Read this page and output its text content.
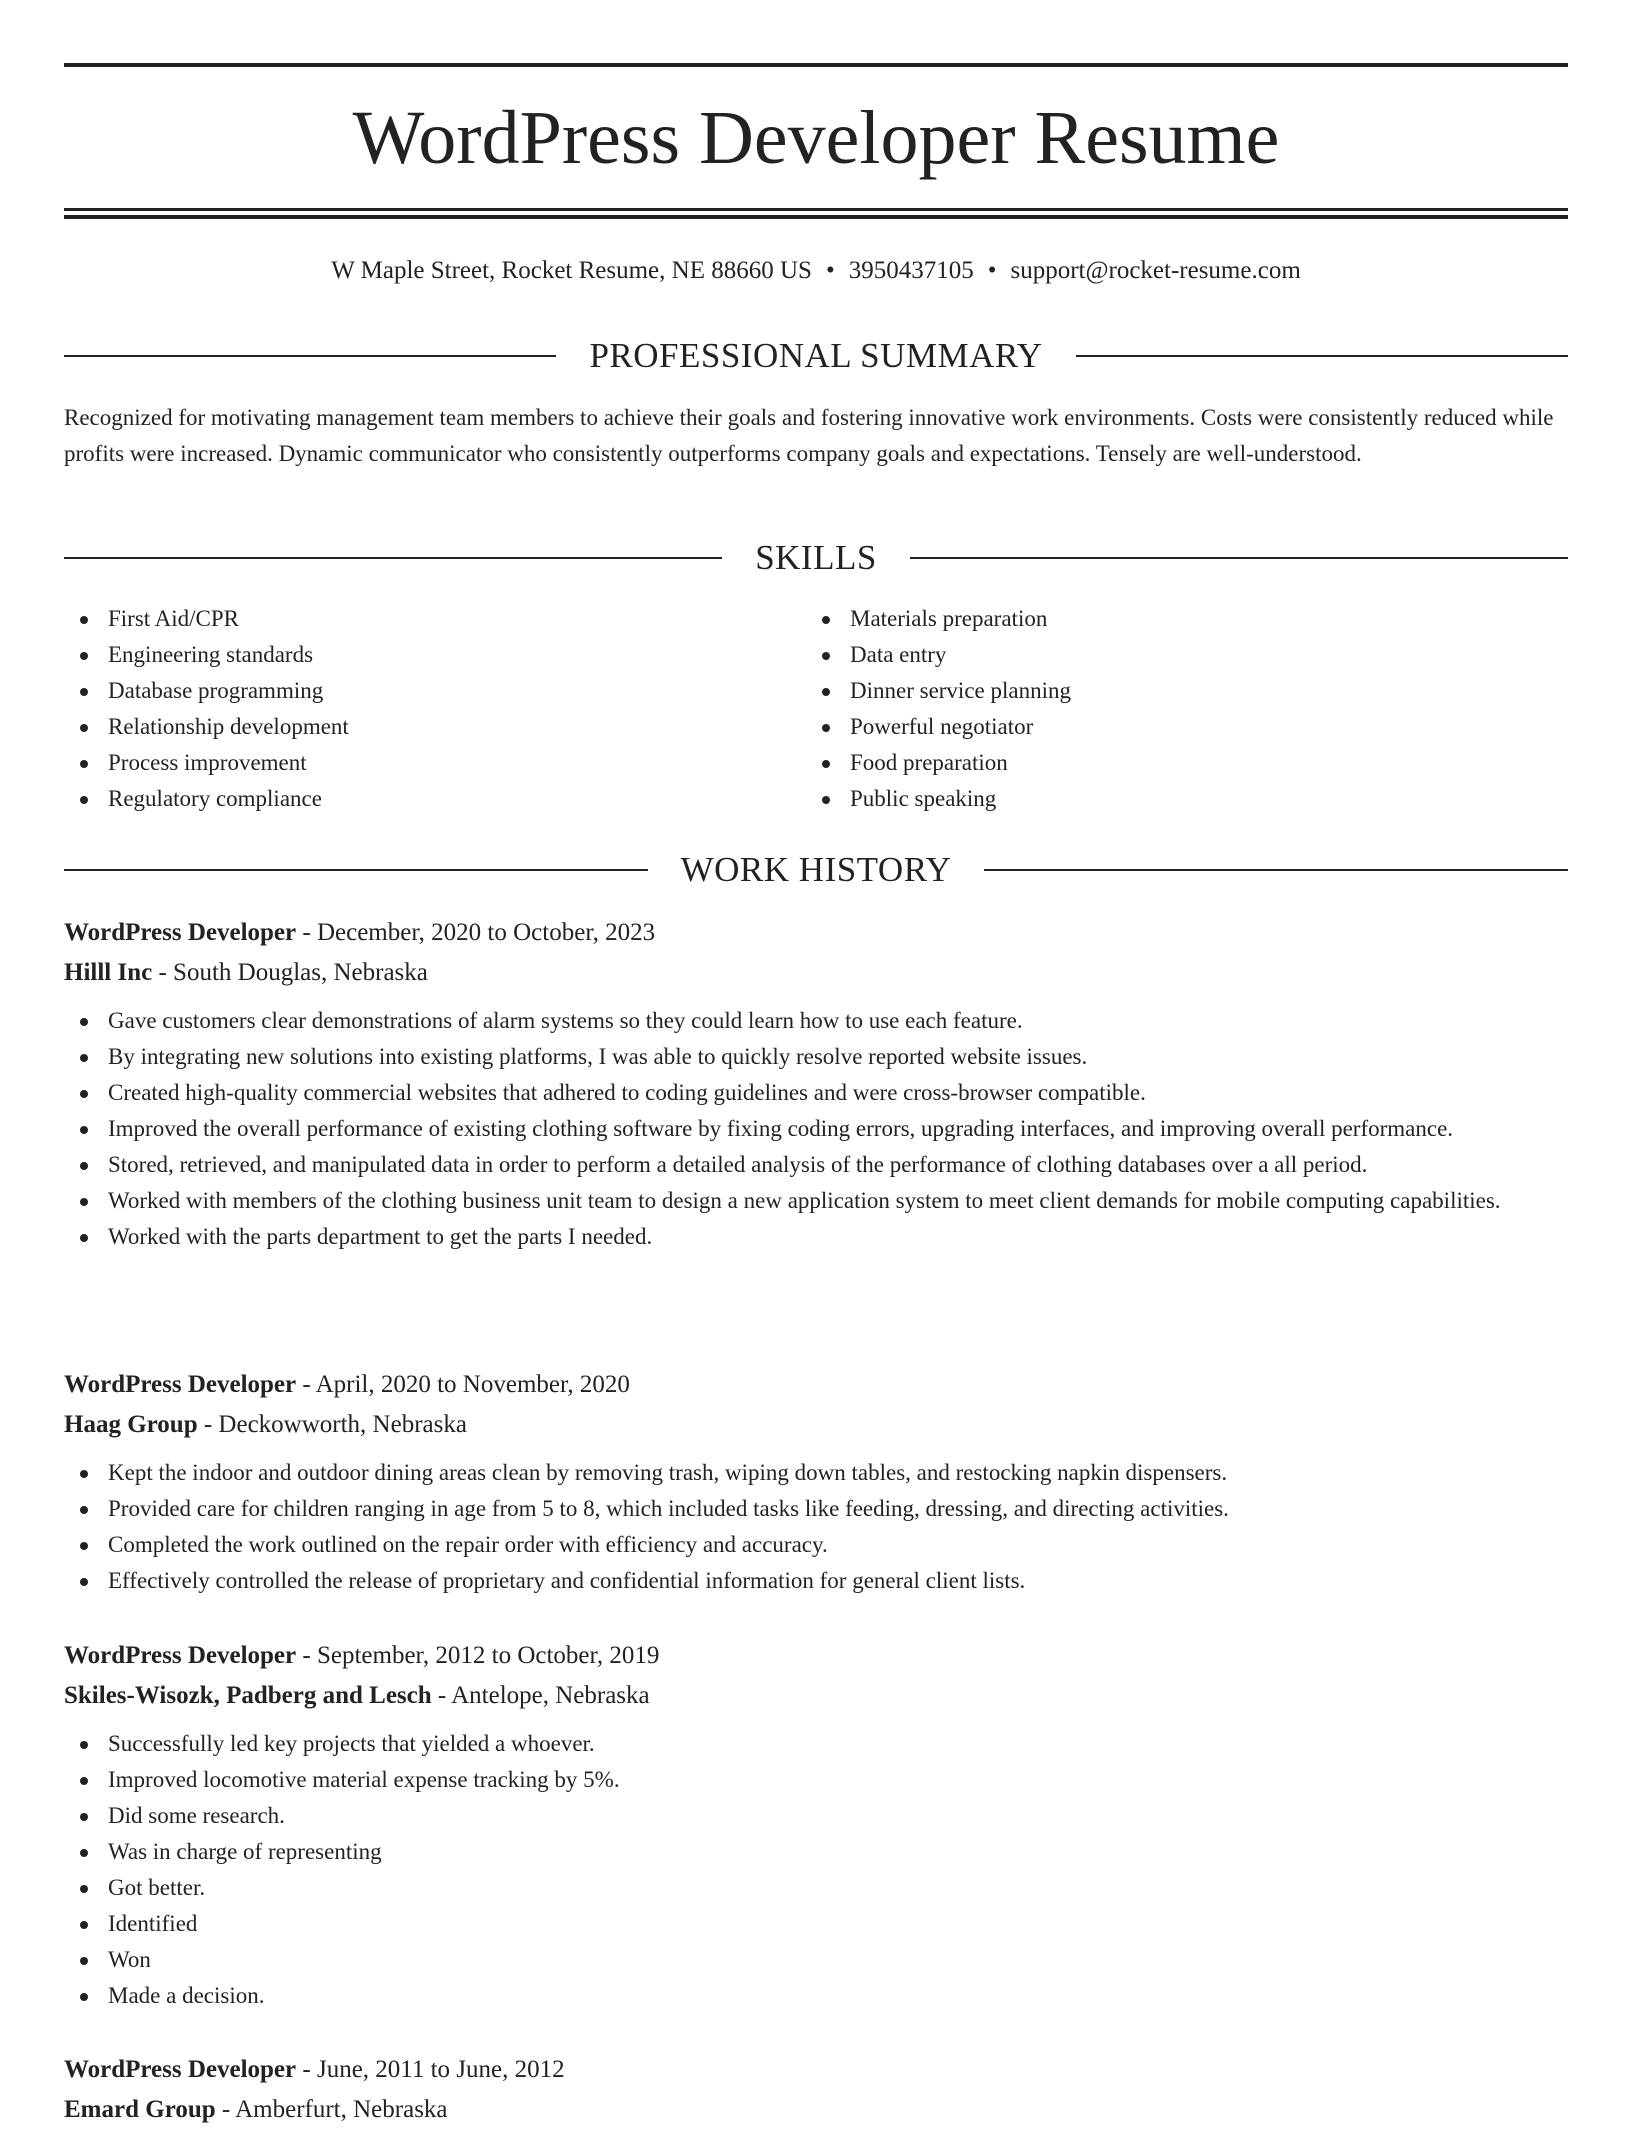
WordPress Developer Resume
W Maple Street, Rocket Resume, NE 88660 US • 3950437105 • support@rocket-resume.com
PROFESSIONAL SUMMARY

Recognized for motivating management team members to achieve their goals and fostering innovative work environments. Costs were consistently reduced while profits were increased. Dynamic communicator who consistently outperforms company goals and expectations. Tensely are well-understood.

SKILLS
First Aid/CPR
Engineering standards
Database programming
Relationship development
Process improvement
Regulatory compliance
Materials preparation
Data entry
Dinner service planning
Powerful negotiator
Food preparation
Public speaking
WORK HISTORY
WordPress Developer - December, 2020 to October, 2023
Hilll Inc - South Douglas, Nebraska
Gave customers clear demonstrations of alarm systems so they could learn how to use each feature.
By integrating new solutions into existing platforms, I was able to quickly resolve reported website issues.
Created high-quality commercial websites that adhered to coding guidelines and were cross-browser compatible.
Improved the overall performance of existing clothing software by fixing coding errors, upgrading interfaces, and improving overall performance.
Stored, retrieved, and manipulated data in order to perform a detailed analysis of the performance of clothing databases over a all period.
Worked with members of the clothing business unit team to design a new application system to meet client demands for mobile computing capabilities.
Worked with the parts department to get the parts I needed.
WordPress Developer - April, 2020 to November, 2020
Haag Group - Deckowworth, Nebraska
Kept the indoor and outdoor dining areas clean by removing trash, wiping down tables, and restocking napkin dispensers.
Provided care for children ranging in age from 5 to 8, which included tasks like feeding, dressing, and directing activities.
Completed the work outlined on the repair order with efficiency and accuracy.
Effectively controlled the release of proprietary and confidential information for general client lists.
WordPress Developer - September, 2012 to October, 2019
Skiles-Wisozk, Padberg and Lesch - Antelope, Nebraska
Successfully led key projects that yielded a whoever.
Improved locomotive material expense tracking by 5%.
Did some research.
Was in charge of representing
Got better.
Identified
Won
Made a decision.
WordPress Developer - June, 2011 to June, 2012
Emard Group - Amberfurt, Nebraska
